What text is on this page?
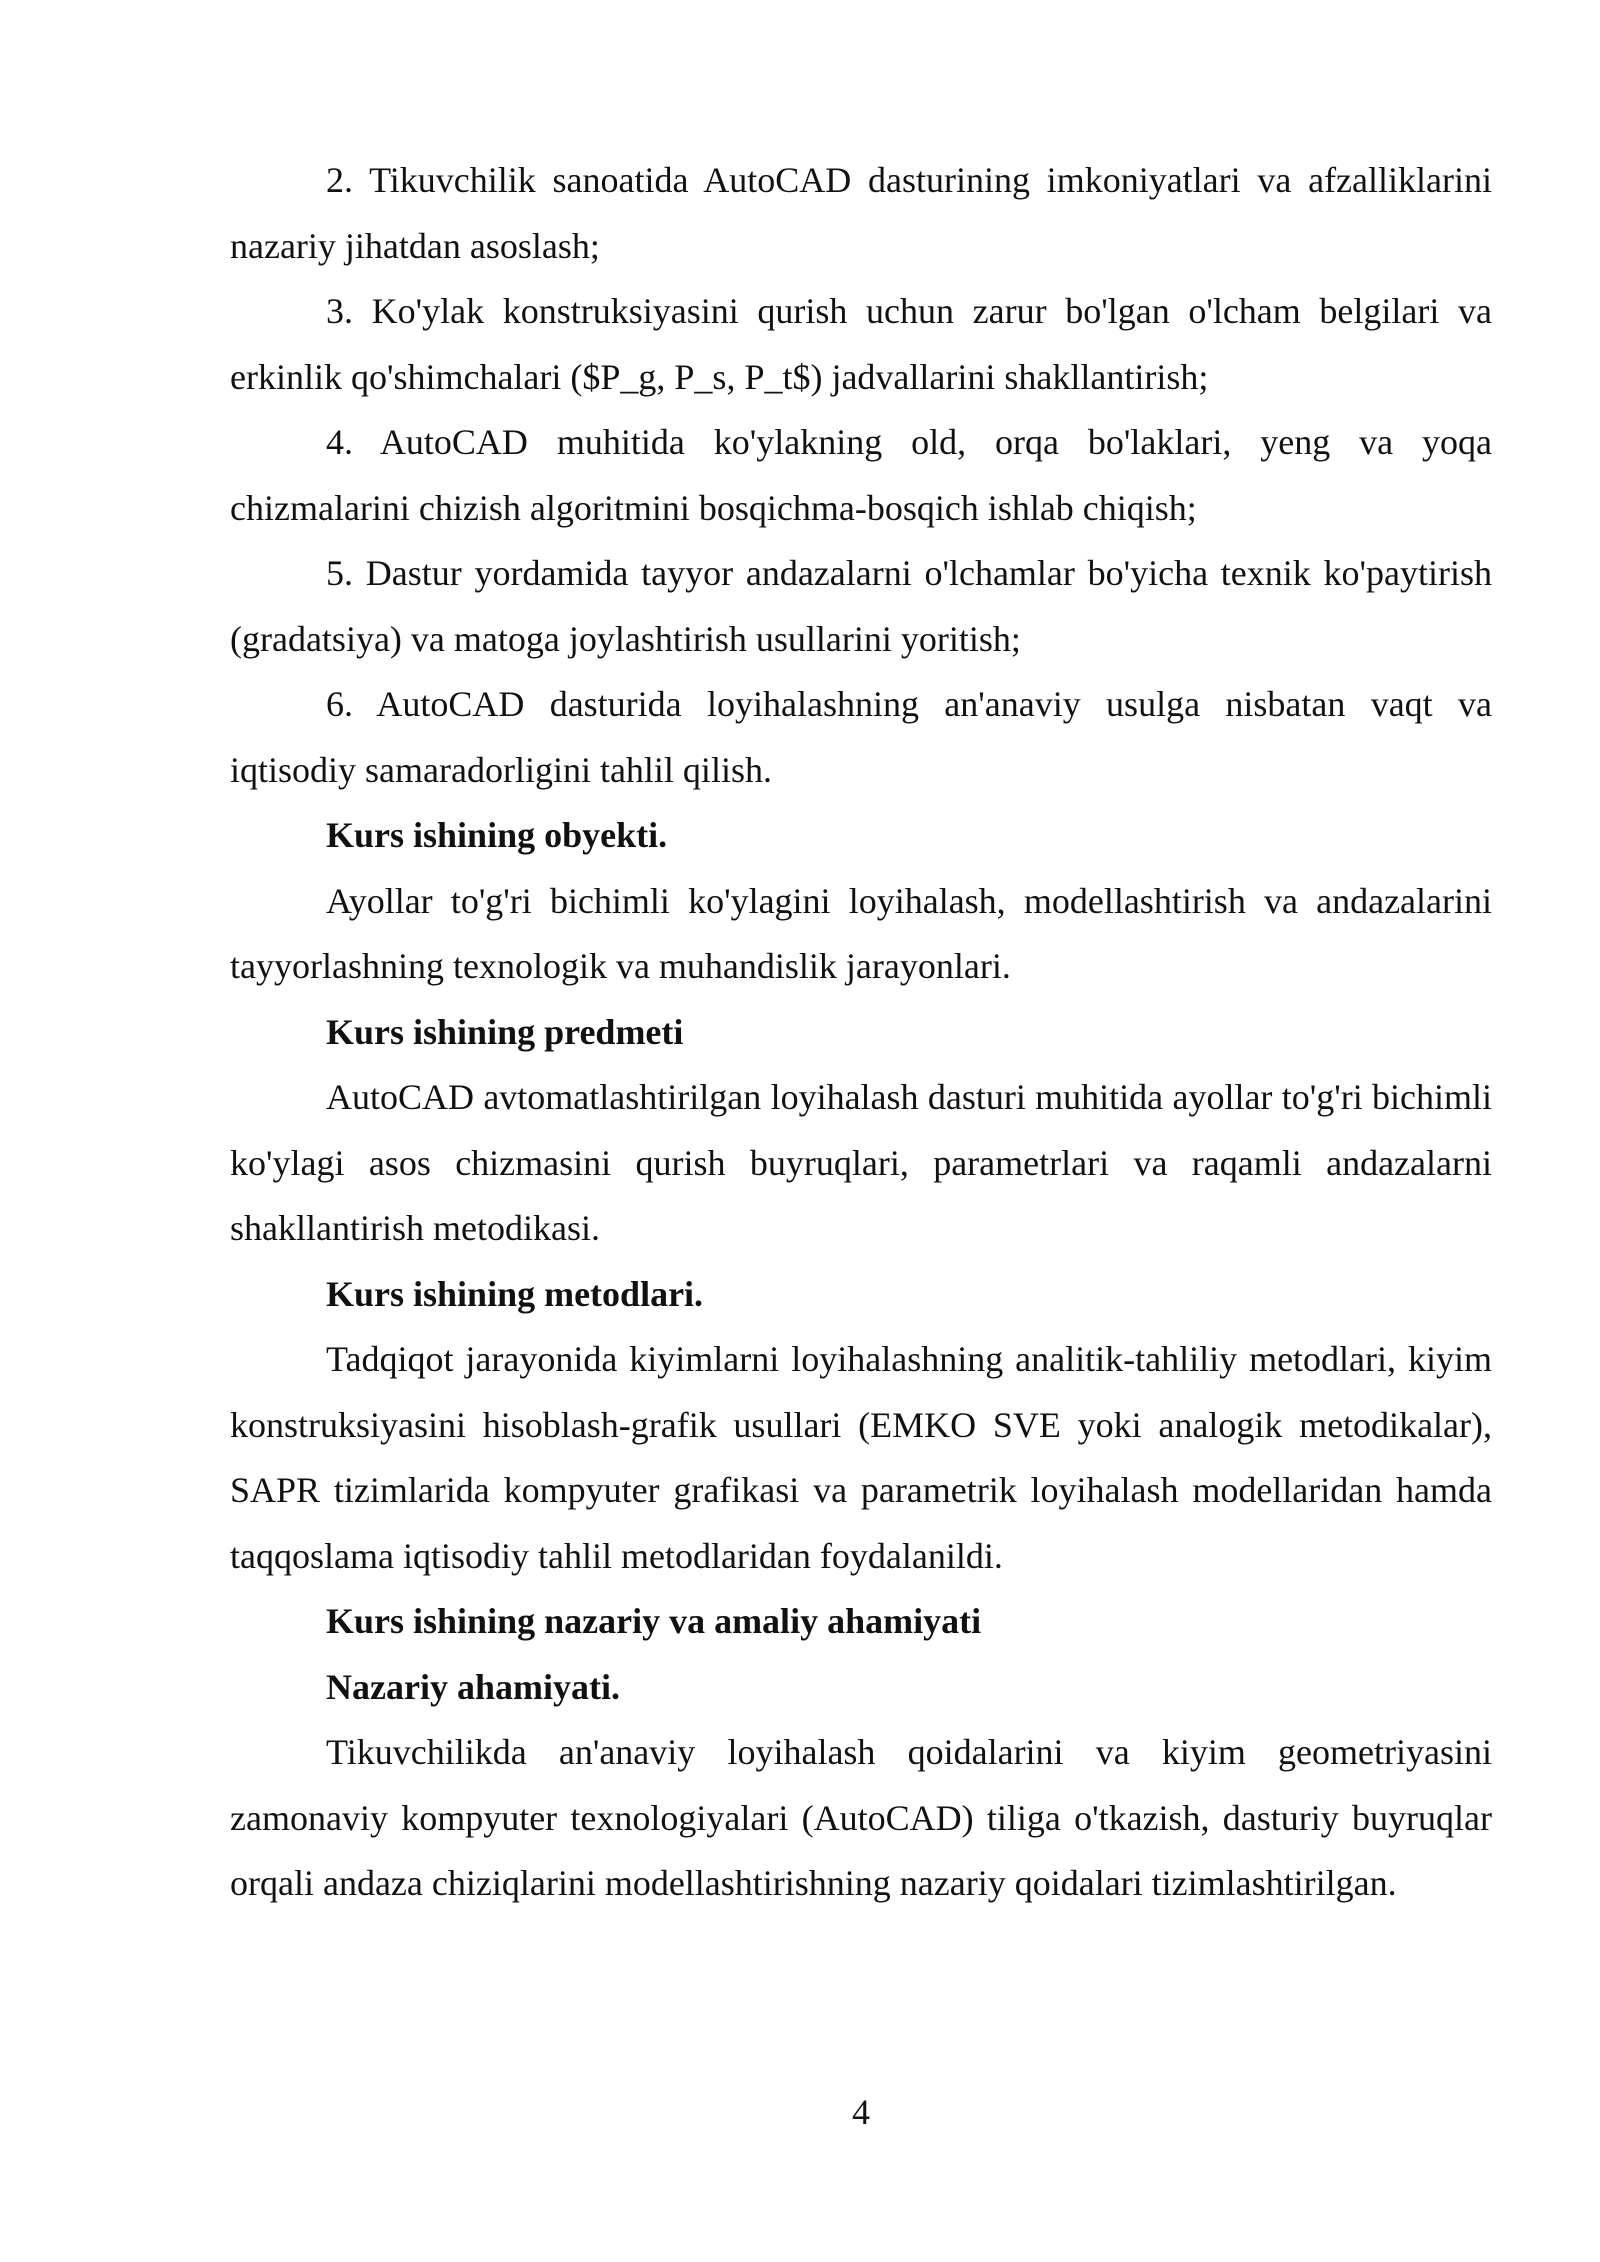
2. Tikuvchilik sanoatida AutoCAD dasturining imkoniyatlari va afzalliklarini nazariy jihatdan asoslash;

3. Ko'ylak konstruksiyasini qurish uchun zarur bo'lgan o'lcham belgilari va erkinlik qo'shimchalari ($P_g, P_s, P_t$) jadvallarini shakllantirish;

4. AutoCAD muhitida ko'ylakning old, orqa bo'laklari, yeng va yoqa chizmalarini chizish algoritmini bosqichma-bosqich ishlab chiqish;

5. Dastur yordamida tayyor andazalarni o'lchamlar bo'yicha texnik ko'paytirish (gradatsiya) va matoga joylashtirish usullarini yoritish;

6. AutoCAD dasturida loyihalashning an'anaviy usulga nisbatan vaqt va iqtisodiy samaradorligini tahlil qilish.

Kurs ishining obyekti.

Ayollar to'g'ri bichimli ko'ylagini loyihalash, modellashtirish va andazalarini tayyorlashning texnologik va muhandislik jarayonlari.

Kurs ishining predmeti

AutoCAD avtomatlashtirilgan loyihalash dasturi muhitida ayollar to'g'ri bichimli ko'ylagi asos chizmasini qurish buyruqlari, parametrlari va raqamli andazalarni shakllantirish metodikasi.

Kurs ishining metodlari.

Tadqiqot jarayonida kiyimlarni loyihalashning analitik-tahliliy metodlari, kiyim konstruksiyasini hisoblash-grafik usullari (EMKO SVE yoki analogik metodikalar), SAPR tizimlarida kompyuter grafikasi va parametrik loyihalash modellaridan hamda taqqoslama iqtisodiy tahlil metodlaridan foydalanildi.

Kurs ishining nazariy va amaliy ahamiyati

Nazariy ahamiyati.

Tikuvchilikda an'anaviy loyihalash qoidalarini va kiyim geometriyasini zamonaviy kompyuter texnologiyalari (AutoCAD) tiliga o'tkazish, dasturiy buyruqlar orqali andaza chiziqlarini modellashtirishning nazariy qoidalari tizimlashtirilgan.

4
